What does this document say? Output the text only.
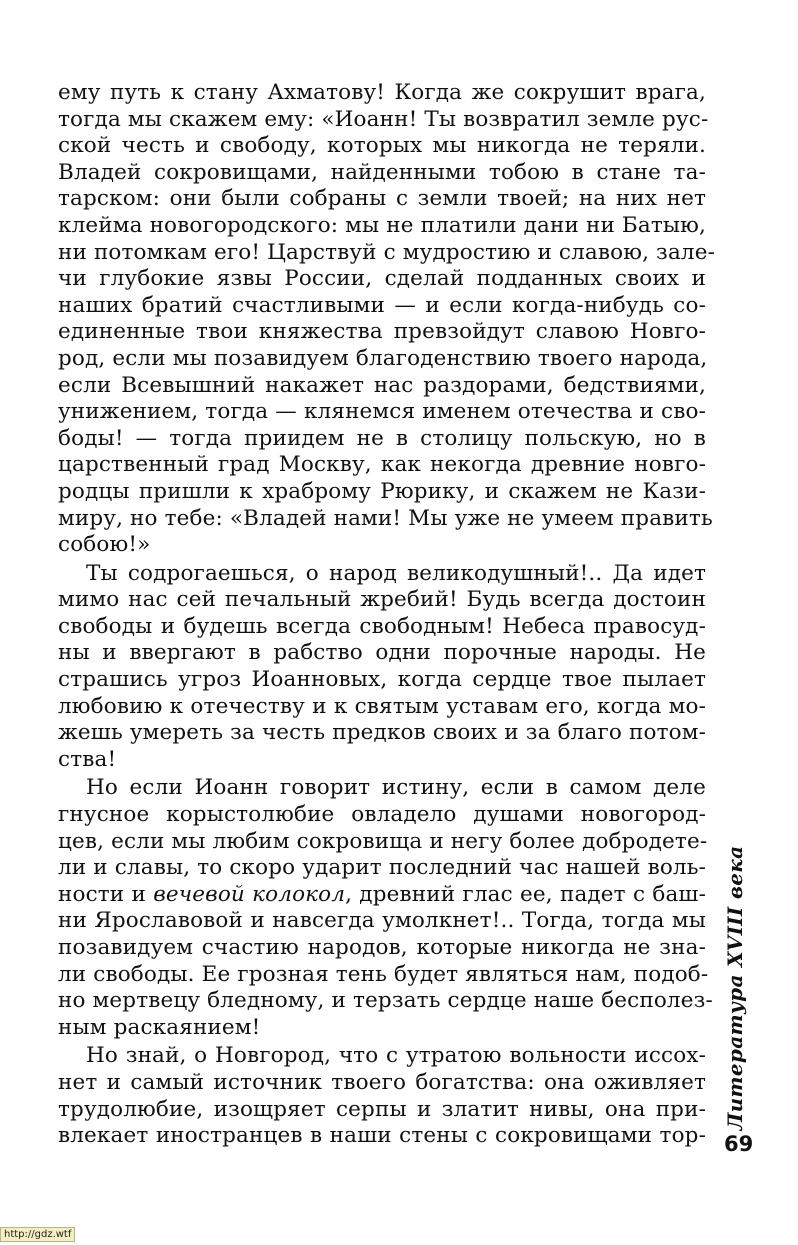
ему путь к стану Ахматову! Когда же сокрушит врага,
тогда мы скажем ему: «Иоанн! Ты возвратил земле рус-
ской честь и свободу, которых мы никогда не теряли.
Владей сокровищами, найденными тобою в стане та-
тарском: они были собраны с земли твоей; на них нет
клейма новогородского: мы не платили дани ни Батыю,
ни потомкам его! Царствуй с мудростию и славою, зале-
чи глубокие язвы России, сделай подданных своих и
наших братий счастливыми — и если когда-нибудь со-
единенные твои княжества превзойдут славою Новго-
род, если мы позавидуем благоденствию твоего народа,
если Всевышний накажет нас раздорами, бедствиями,
унижением, тогда — клянемся именем отечества и сво-
боды! — тогда приидем не в столицу польскую, но в
царственный град Москву, как некогда древние новго-
родцы пришли к храброму Рюрику, и скажем не Кази-
миру, но тебе: «Владей нами! Мы уже не умеем править
собою!»
Ты содрогаешься, о народ великодушный!.. Да идет
мимо нас сей печальный жребий! Будь всегда достоин
свободы и будешь всегда свободным! Небеса правосуд-
ны и ввергают в рабство одни порочные народы. Не
страшись угроз Иоанновых, когда сердце твое пылает
любовию к отечеству и к святым уставам его, когда мо-
жешь умереть за честь предков своих и за благо потом-
ства!
Но если Иоанн говорит истину, если в самом деле
гнусное корыстолюбие овладело душами новогород-
цев, если мы любим сокровища и негу более добродете-
ли и славы, то скоро ударит последний час нашей воль-
ности и вечевой колокол, древний глас ее, падет с баш-
ни Ярославовой и навсегда умолкнет!.. Тогда, тогда мы
позавидуем счастию народов, которые никогда не зна-
ли свободы. Ее грозная тень будет являться нам, подоб-
но мертвецу бледному, и терзать сердце наше бесполез-
ным раскаянием!
Но знай, о Новгород, что с утратою вольности иссох-
нет и самый источник твоего богатства: она оживляет
трудолюбие, изощряет серпы и златит нивы, она при-
влекает иностранцев в наши стены с сокровищами тор-
Литература XVIII века
69
http://gdz.wtf
